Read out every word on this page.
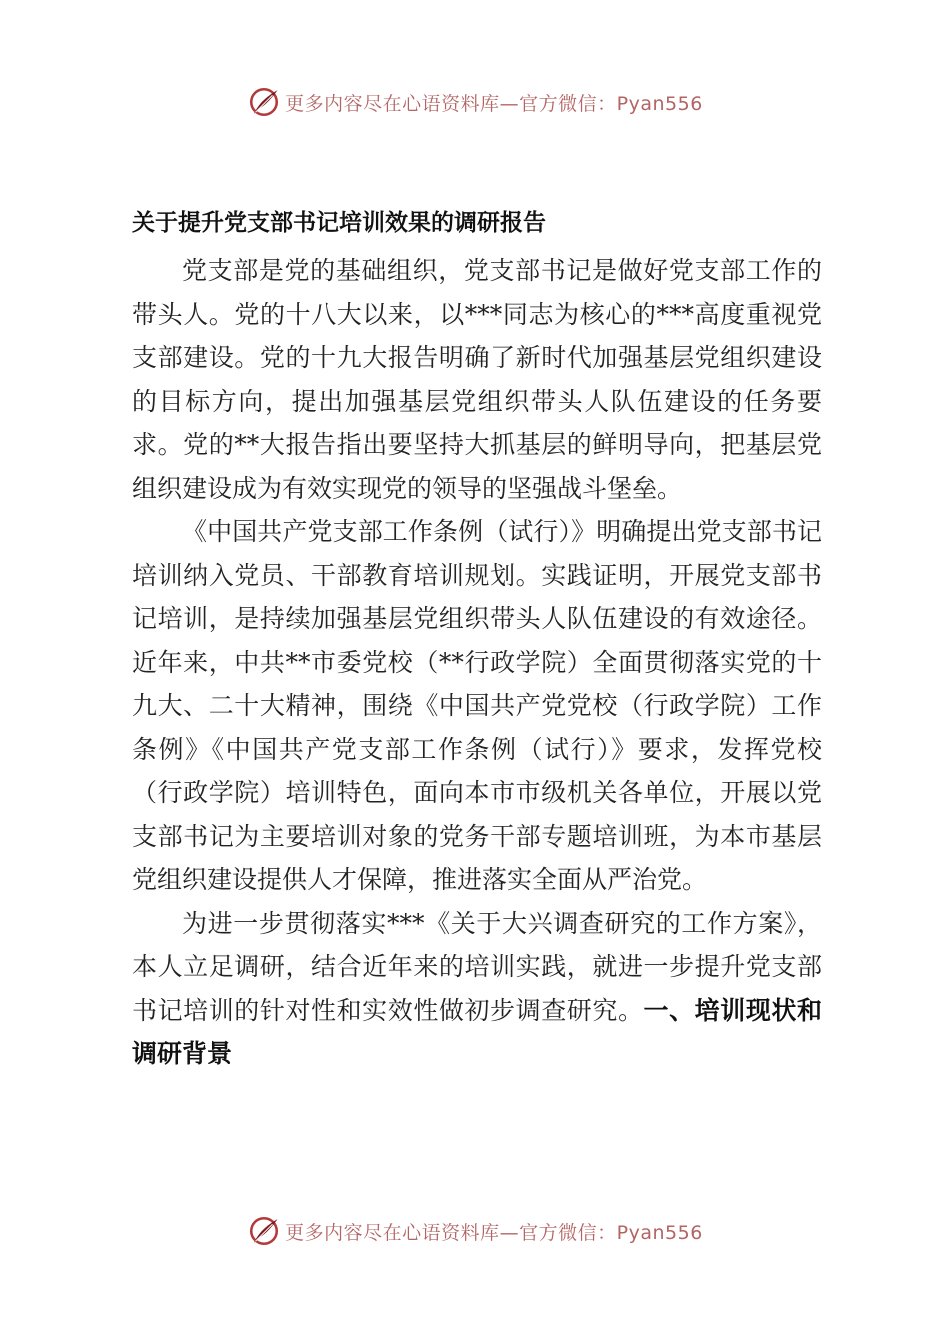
更多内容尽在心语资料库—官方微信：Pyan556
关于提升党支部书记培训效果的调研报告

党支部是党的基础组织，党支部书记是做好党支部工作的带头人。党的十八大以来，以***同志为核心的***高度重视党支部建设。党的十九大报告明确了新时代加强基层党组织建设的目标方向，提出加强基层党组织带头人队伍建设的任务要求。党的**大报告指出要坚持大抓基层的鲜明导向，把基层党组织建设成为有效实现党的领导的坚强战斗堡垒。

《中国共产党支部工作条例（试行）》明确提出党支部书记培训纳入党员、干部教育培训规划。实践证明，开展党支部书记培训，是持续加强基层党组织带头人队伍建设的有效途径。近年来，中共**市委党校（**行政学院）全面贯彻落实党的十九大、二十大精神，围绕《中国共产党党校（行政学院）工作条例》《中国共产党支部工作条例（试行）》要求，发挥党校（行政学院）培训特色，面向本市市级机关各单位，开展以党支部书记为主要培训对象的党务干部专题培训班，为本市基层党组织建设提供人才保障，推进落实全面从严治党。

为进一步贯彻落实***《关于大兴调查研究的工作方案》，本人立足调研，结合近年来的培训实践，就进一步提升党支部书记培训的针对性和实效性做初步调查研究。一、培训现状和调研背景

更多内容尽在心语资料库—官方微信：Pyan556
